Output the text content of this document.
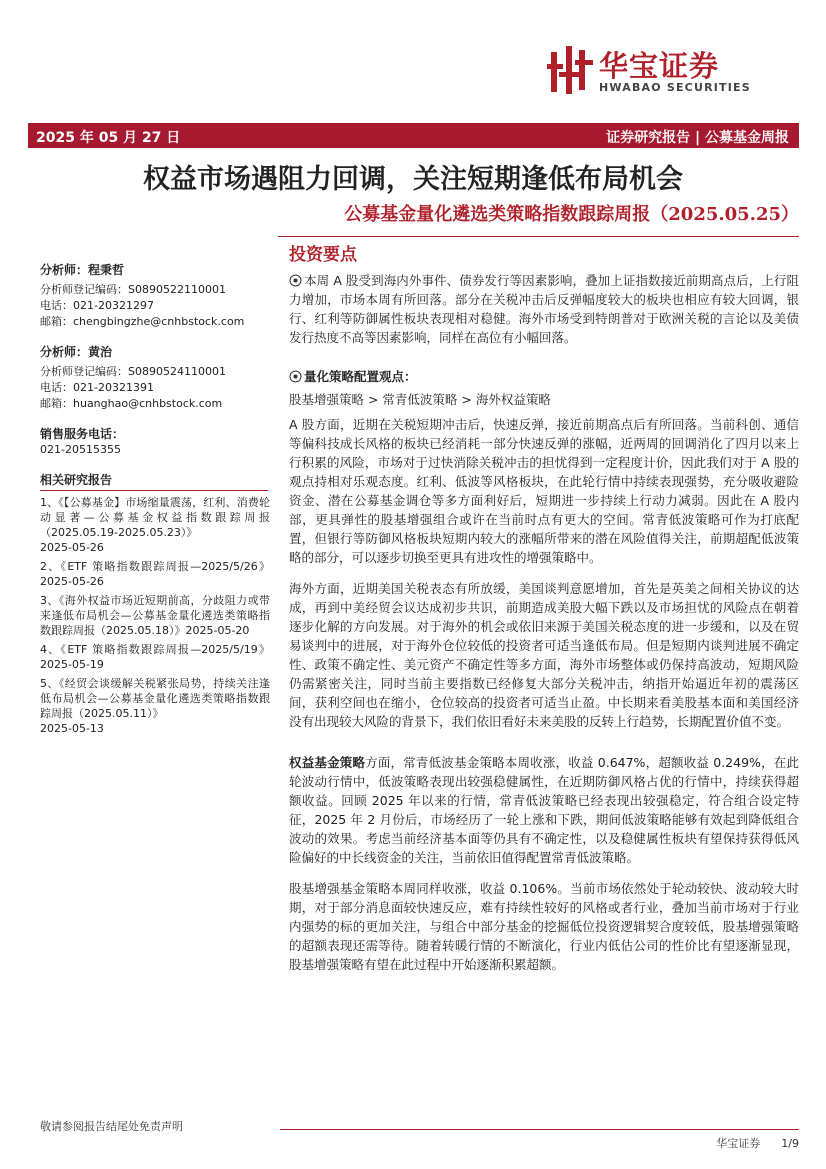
华宝证券
HWABAO SECURITIES
2025 年 05 月 27 日	证券研究报告 | 公募基金周报
权益市场遇阻力回调，关注短期逢低布局机会
公募基金量化遴选类策略指数跟踪周报（2025.05.25）
分析师：程秉哲
分析师登记编码：S0890522110001
电话：021-20321297
邮箱：chengbingzhe@cnhbstock.com
分析师：黄治
分析师登记编码：S0890524110001
电话：021-20321391
邮箱：huanghao@cnhbstock.com
销售服务电话：
021-20515355
相关研究报告
1、《【公募基金】市场缩量震荡，红利、消费轮动显著—公募基金权益指数跟踪周报（2025.05.19-2025.05.23）》
2025-05-26
2、《ETF 策略指数跟踪周报—2025/5/26》2025-05-26
3、《海外权益市场近短期前高，分歧阻力或带来逢低布局机会—公募基金量化遴选类策略指数跟踪周报（2025.05.18）》2025-05-20
4、《ETF 策略指数跟踪周报—2025/5/19》2025-05-19
5、《经贸会谈缓解关税紧张局势，持续关注逢低布局机会—公募基金量化遴选类策略指数跟踪周报（2025.05.11）》
2025-05-13
投资要点

本周 A 股受到海内外事件、债券发行等因素影响，叠加上证指数接近前期高点后，上行阻力增加，市场本周有所回落。部分在关税冲击后反弹幅度较大的板块也相应有较大回调，银行、红利等防御属性板块表现相对稳健。海外市场受到特朗普对于欧洲关税的言论以及美债发行热度不高等因素影响，同样在高位有小幅回落。

量化策略配置观点：

股基增强策略 > 常青低波策略 > 海外权益策略

A 股方面，近期在关税短期冲击后，快速反弹，接近前期高点后有所回落。当前科创、通信等偏科技成长风格的板块已经消耗一部分快速反弹的涨幅，近两周的回调消化了四月以来上行积累的风险，市场对于过快消除关税冲击的担忧得到一定程度计价，因此我们对于 A 股的观点持相对乐观态度。红利、低波等风格板块，在此轮行情中持续表现强势，充分吸收避险资金、潜在公募基金调仓等多方面利好后，短期进一步持续上行动力减弱。因此在 A 股内部，更具弹性的股基增强组合或许在当前时点有更大的空间。常青低波策略可作为打底配置，但银行等防御风格板块短期内较大的涨幅所带来的潜在风险值得关注，前期超配低波策略的部分，可以逐步切换至更具有进攻性的增强策略中。

海外方面，近期美国关税表态有所放缓，美国谈判意愿增加，首先是英美之间相关协议的达成，再到中美经贸会议达成初步共识，前期造成美股大幅下跌以及市场担忧的风险点在朝着逐步化解的方向发展。对于海外的机会或依旧来源于美国关税态度的进一步缓和，以及在贸易谈判中的进展，对于海外仓位较低的投资者可适当逢低布局。但是短期内谈判进展不确定性、政策不确定性、美元资产不确定性等多方面，海外市场整体或仍保持高波动，短期风险仍需紧密关注，同时当前主要指数已经修复大部分关税冲击，纳指开始逼近年初的震荡区间，获利空间也在缩小，仓位较高的投资者可适当止盈。中长期来看美股基本面和美国经济没有出现较大风险的背景下，我们依旧看好未来美股的反转上行趋势，长期配置价值不变。

权益基金策略方面，常青低波基金策略本周收涨，收益 0.647%，超额收益 0.249%，在此轮波动行情中，低波策略表现出较强稳健属性，在近期防御风格占优的行情中，持续获得超额收益。回顾 2025 年以来的行情，常青低波策略已经表现出较强稳定，符合组合设定特征，2025 年 2 月份后，市场经历了一轮上涨和下跌，期间低波策略能够有效起到降低组合波动的效果。考虑当前经济基本面等仍具有不确定性，以及稳健属性板块有望保持获得低风险偏好的中长线资金的关注，当前依旧值得配置常青低波策略。

股基增强基金策略本周同样收涨，收益 0.106%。当前市场依然处于轮动较快、波动较大时期，对于部分消息面较快速反应，难有持续性较好的风格或者行业，叠加当前市场对于行业内强势的标的更加关注，与组合中部分基金的挖掘低位投资逻辑契合度较低，股基增强策略的超额表现还需等待。随着转暖行情的不断演化，行业内低估公司的性价比有望逐渐显现，股基增强策略有望在此过程中开始逐渐积累超额。

敬请参阅报告结尾处免责声明
华宝证券 1/9
